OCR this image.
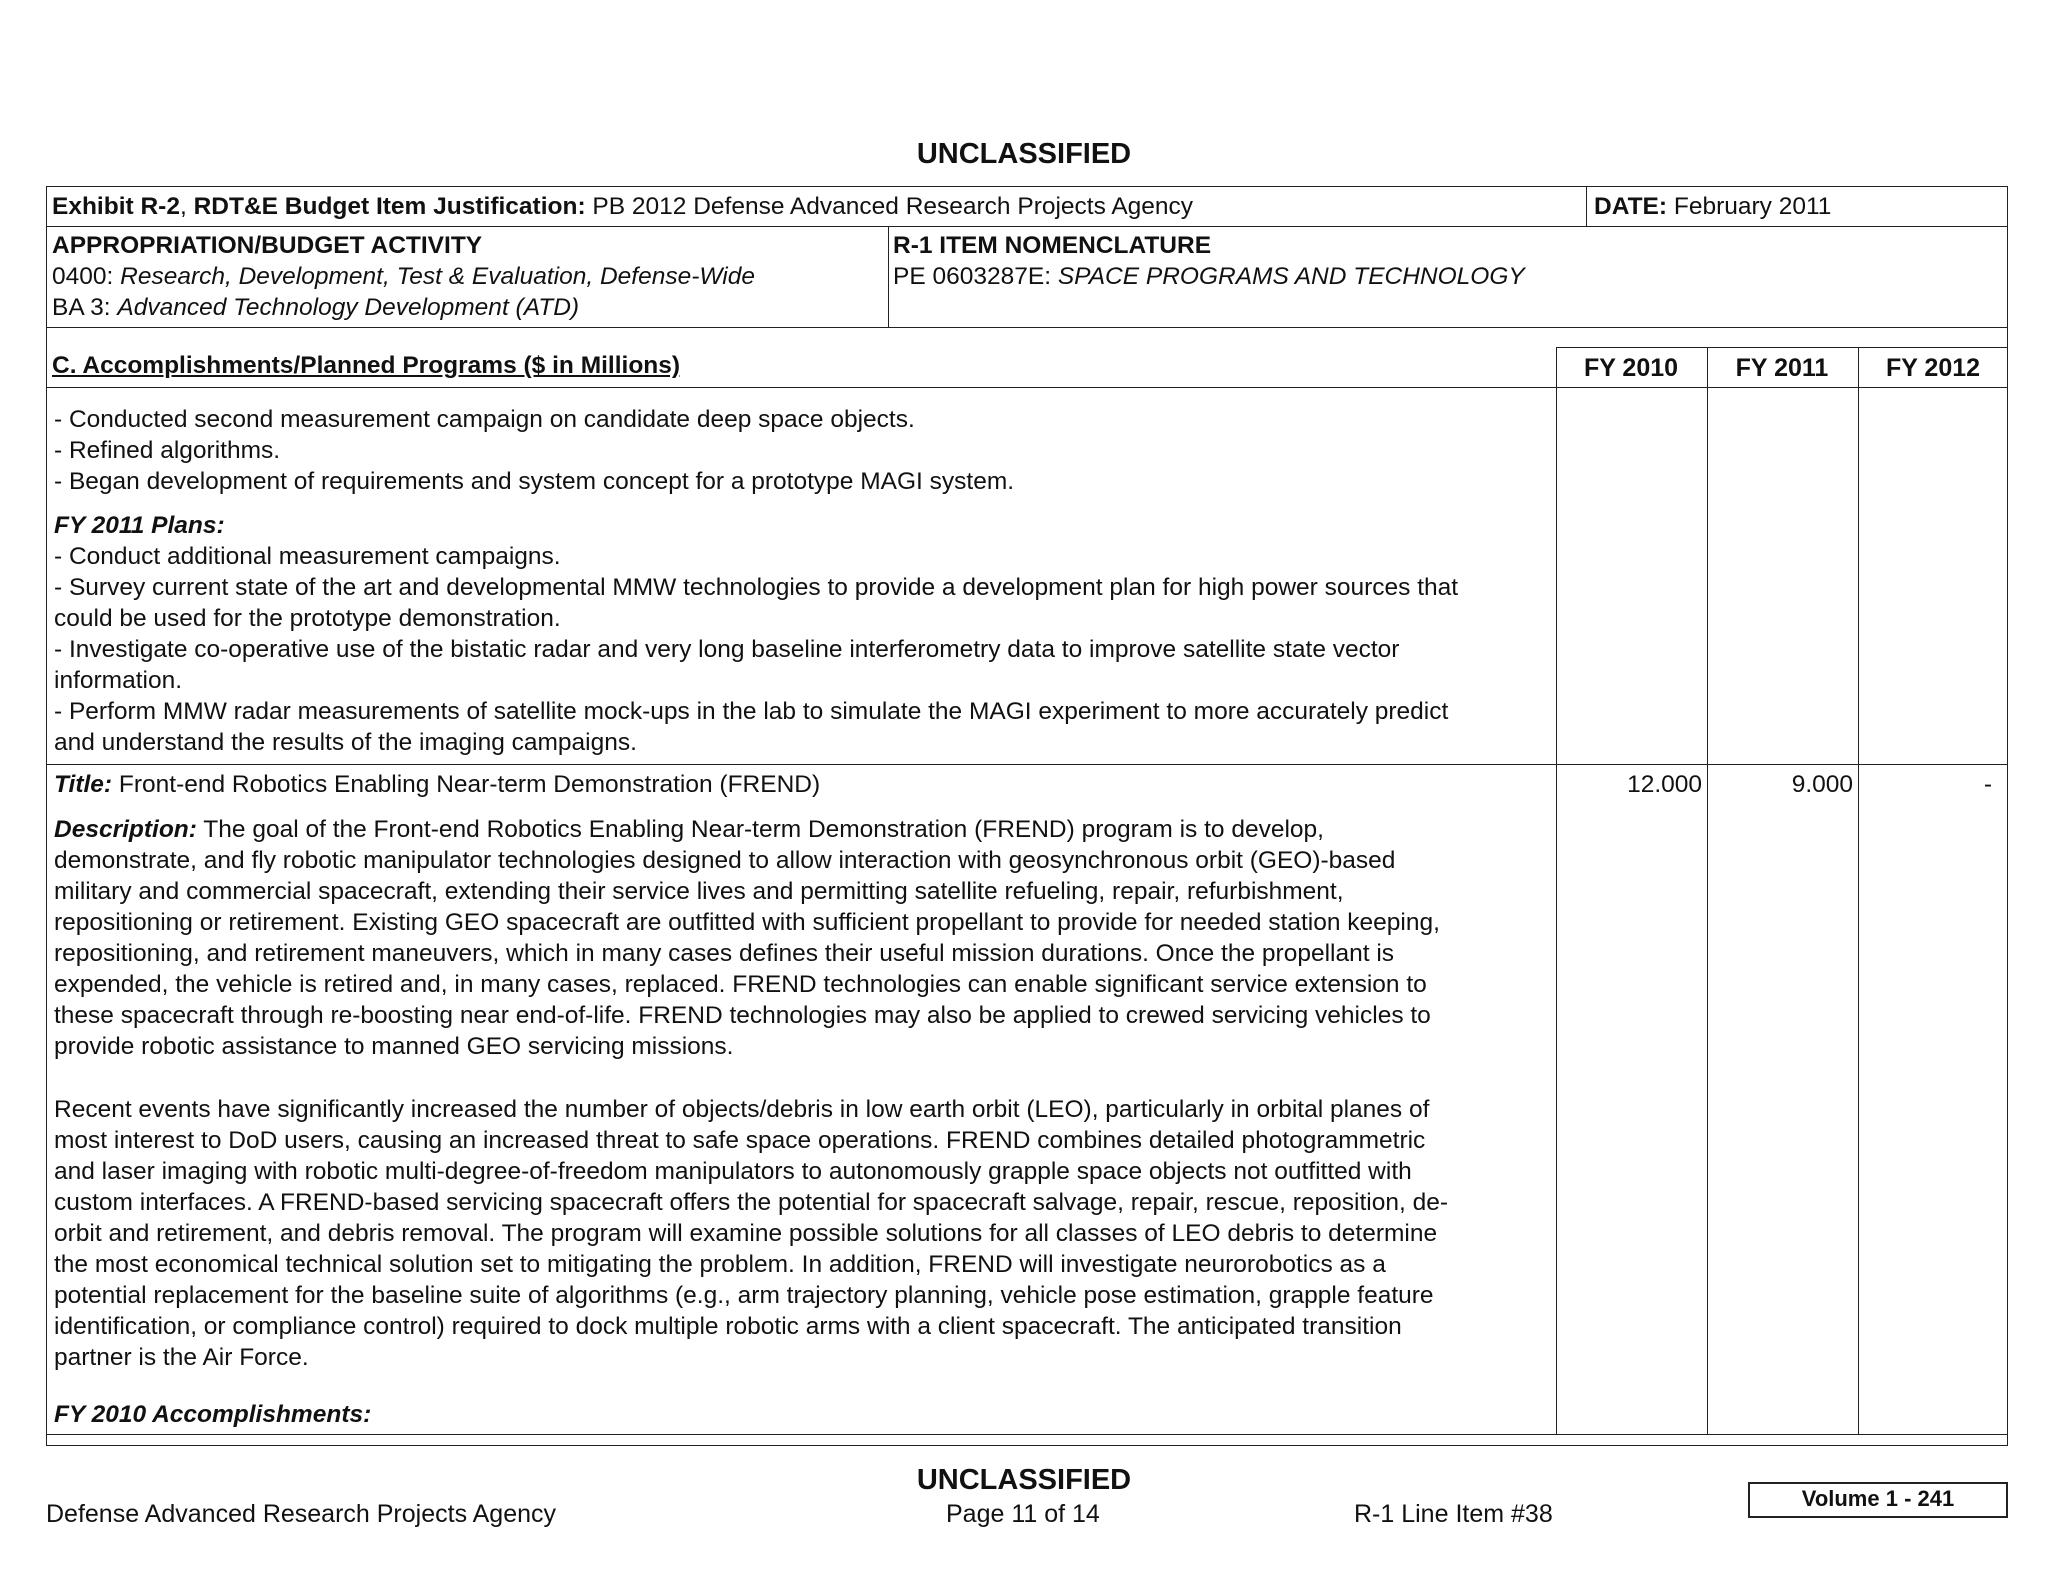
UNCLASSIFIED
Exhibit R-2, RDT&E Budget Item Justification: PB 2012 Defense Advanced Research Projects Agency	DATE: February 2011
APPROPRIATION/BUDGET ACTIVITY
0400: Research, Development, Test & Evaluation, Defense-Wide
BA 3: Advanced Technology Development (ATD)
R-1 ITEM NOMENCLATURE
PE 0603287E: SPACE PROGRAMS AND TECHNOLOGY
C. Accomplishments/Planned Programs ($ in Millions)	FY 2010	FY 2011	FY 2012

- Conducted second measurement campaign on candidate deep space objects.

- Refined algorithms.

- Began development of requirements and system concept for a prototype MAGI system.

FY 2011 Plans:

- Conduct additional measurement campaigns.

- Survey current state of the art and developmental MMW technologies to provide a development plan for high power sources that

could be used for the prototype demonstration.

- Investigate co-operative use of the bistatic radar and very long baseline interferometry data to improve satellite state vector

information.

- Perform MMW radar measurements of satellite mock-ups in the lab to simulate the MAGI experiment to more accurately predict

and understand the results of the imaging campaigns.

Title: Front-end Robotics Enabling Near-term Demonstration (FREND)	12.000	9.000	-

Description: The goal of the Front-end Robotics Enabling Near-term Demonstration (FREND) program is to develop,

demonstrate, and fly robotic manipulator technologies designed to allow interaction with geosynchronous orbit (GEO)-based

military and commercial spacecraft, extending their service lives and permitting satellite refueling, repair, refurbishment,

repositioning or retirement. Existing GEO spacecraft are outfitted with sufficient propellant to provide for needed station keeping,

repositioning, and retirement maneuvers, which in many cases defines their useful mission durations. Once the propellant is

expended, the vehicle is retired and, in many cases, replaced. FREND technologies can enable significant service extension to

these spacecraft through re-boosting near end-of-life. FREND technologies may also be applied to crewed servicing vehicles to

provide robotic assistance to manned GEO servicing missions.

Recent events have significantly increased the number of objects/debris in low earth orbit (LEO), particularly in orbital planes of

most interest to DoD users, causing an increased threat to safe space operations. FREND combines detailed photogrammetric

and laser imaging with robotic multi-degree-of-freedom manipulators to autonomously grapple space objects not outfitted with

custom interfaces. A FREND-based servicing spacecraft offers the potential for spacecraft salvage, repair, rescue, reposition, de-

orbit and retirement, and debris removal. The program will examine possible solutions for all classes of LEO debris to determine

the most economical technical solution set to mitigating the problem. In addition, FREND will investigate neurorobotics as a

potential replacement for the baseline suite of algorithms (e.g., arm trajectory planning, vehicle pose estimation, grapple feature

identification, or compliance control) required to dock multiple robotic arms with a client spacecraft. The anticipated transition

partner is the Air Force.

FY 2010 Accomplishments:
UNCLASSIFIED
Defense Advanced Research Projects Agency	Page 11 of 14	R-1 Line Item #38
Volume 1 - 241
